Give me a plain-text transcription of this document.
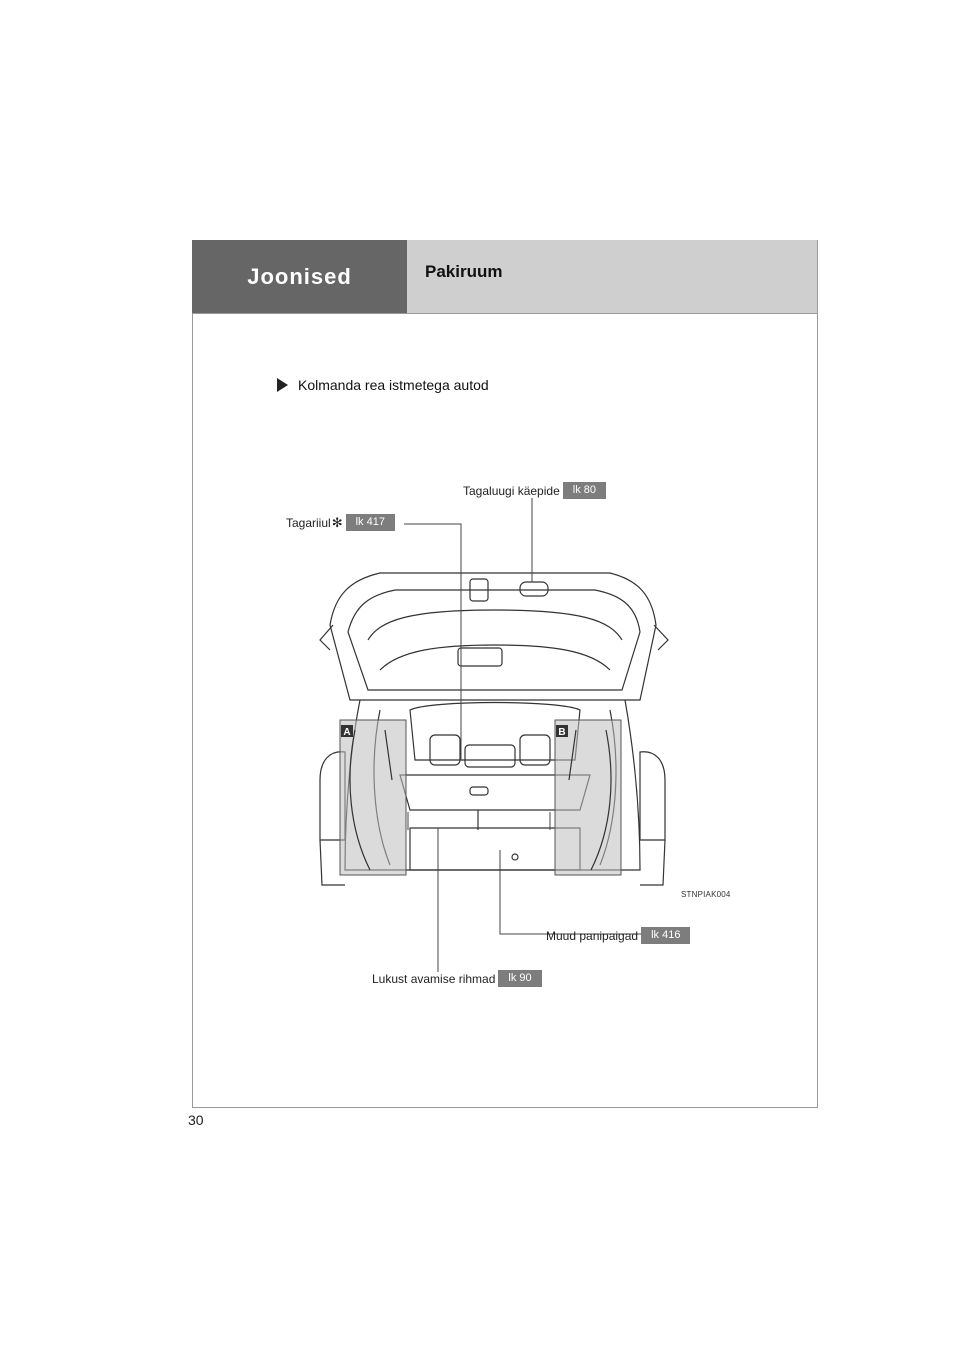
Joonised	Pakiruum
Kolmanda rea istmetega autod
A	B
Tagaluugi käepide	lk 80
Tagariiul ✻	lk 417
STNPIAK004
Muud panipaigad	lk 416
Lukust avamise rihmad	lk 90
30
